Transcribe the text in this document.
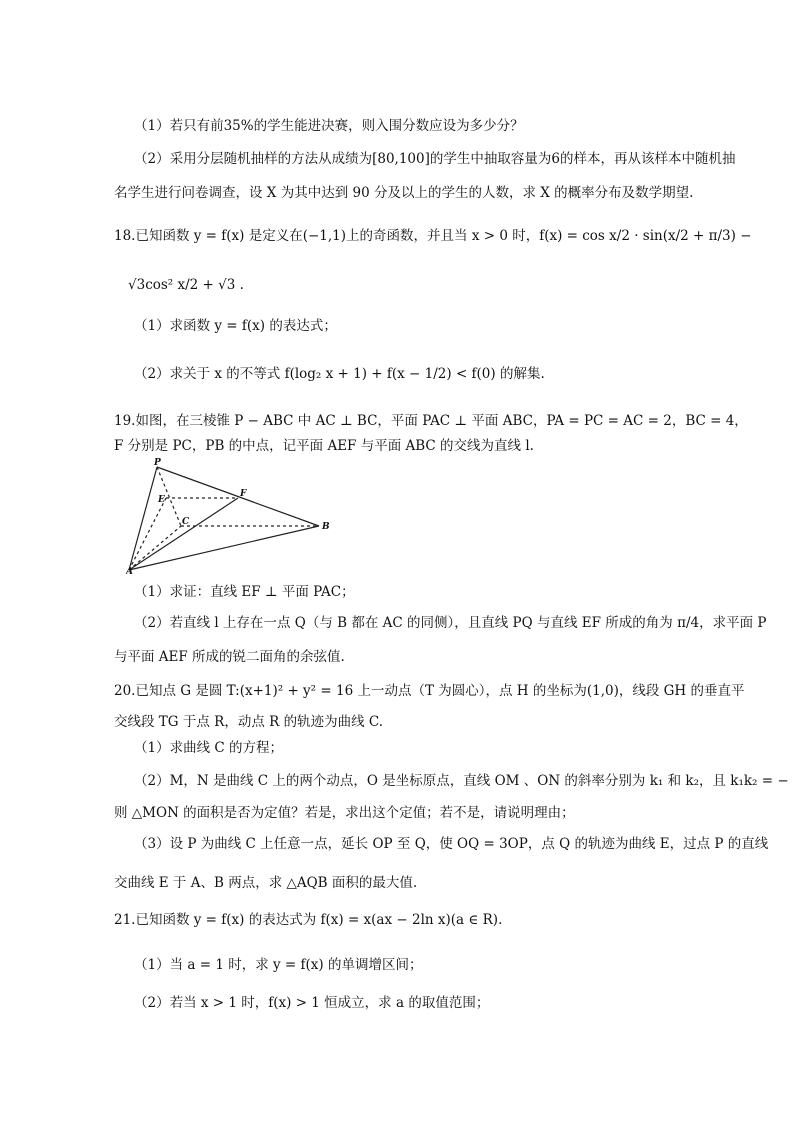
（1）若只有前35%的学生能进决赛，则入围分数应设为多少分？
（2）采用分层随机抽样的方法从成绩为[80,100]的学生中抽取容量为6的样本，再从该样本中随机抽
名学生进行问卷调查，设 X 为其中达到 90 分及以上的学生的人数，求 X 的概率分布及数学期望.
18.已知函数 y = f(x) 是定义在(−1,1)上的奇函数，并且当 x > 0 时，f(x) = cos x/2 · sin(x/2 + π/3) −
√3cos² x/2 + √3 .
（1）求函数 y = f(x) 的表达式；
（2）求关于 x 的不等式 f(log₂ x + 1) + f(x − 1/2) < f(0) 的解集.
19.如图，在三棱锥 P − ABC 中 AC ⊥ BC，平面 PAC ⊥ 平面 ABC，PA = PC = AC = 2，BC = 4，
F 分别是 PC，PB 的中点，记平面 AEF 与平面 ABC 的交线为直线 l.
P
E
F
C	B
A
（1）求证：直线 EF ⊥ 平面 PAC；
（2）若直线 l 上存在一点 Q（与 B 都在 AC 的同侧），且直线 PQ 与直线 EF 所成的角为 π/4，求平面 P
与平面 AEF 所成的锐二面角的余弦值.
20.已知点 G 是圆 T:(x+1)² + y² = 16 上一动点（T 为圆心），点 H 的坐标为(1,0)，线段 GH 的垂直平
交线段 TG 于点 R，动点 R 的轨迹为曲线 C.
（1）求曲线 C 的方程；
（2）M，N 是曲线 C 上的两个动点，O 是坐标原点，直线 OM 、ON 的斜率分别为 k₁ 和 k₂，且 k₁k₂ = −
则 △MON 的面积是否为定值？若是，求出这个定值；若不是，请说明理由；
（3）设 P 为曲线 C 上任意一点，延长 OP 至 Q，使 OQ = 3OP，点 Q 的轨迹为曲线 E，过点 P 的直线
交曲线 E 于 A、B 两点，求 △AQB 面积的最大值.
21.已知函数 y = f(x) 的表达式为 f(x) = x(ax − 2ln x)(a ∈ R).
（1）当 a = 1 时，求 y = f(x) 的单调增区间；
（2）若当 x > 1 时，f(x) > 1 恒成立，求 a 的取值范围；
